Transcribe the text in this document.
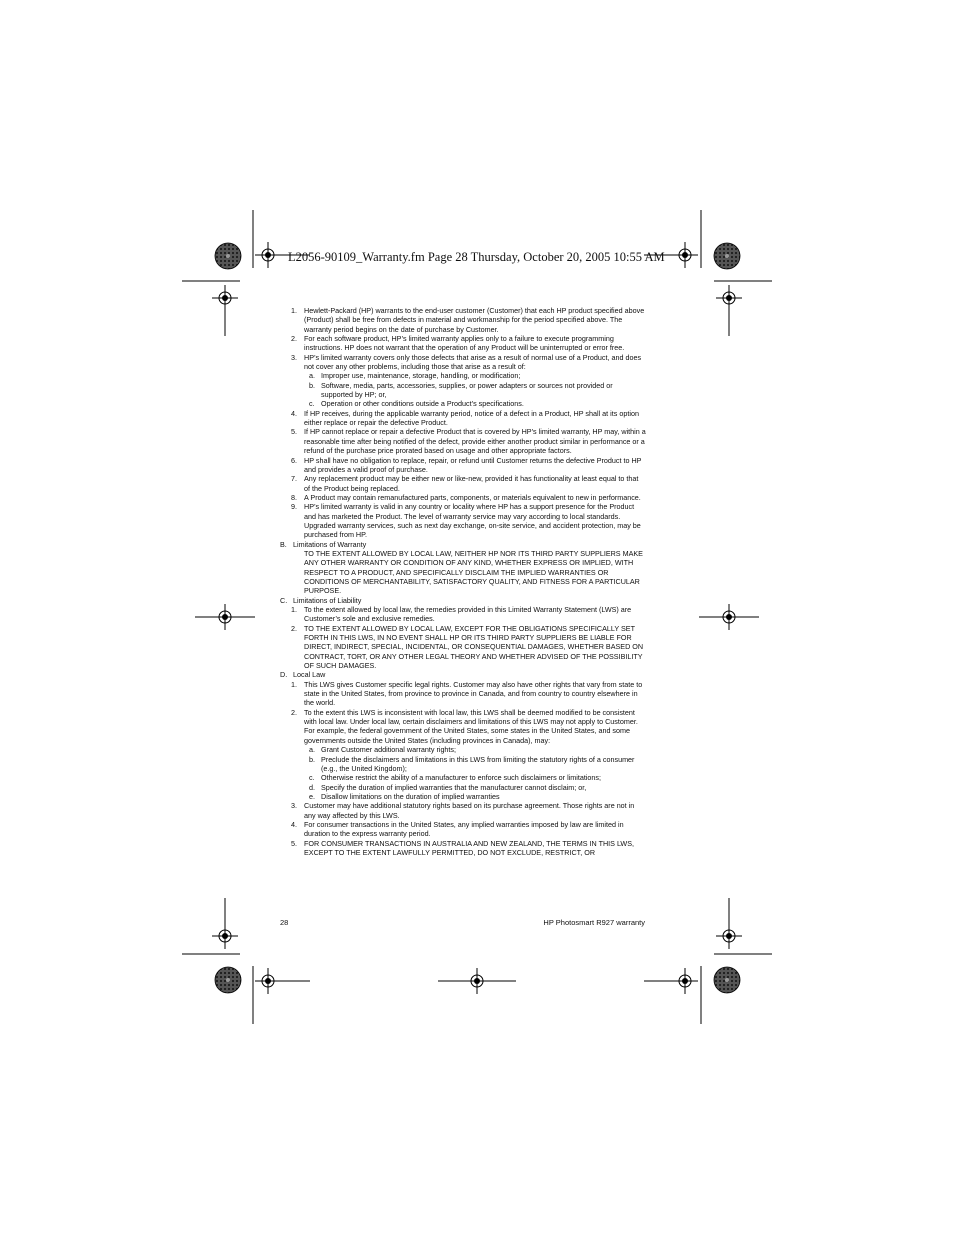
L2056-90109_Warranty.fm Page 28 Thursday, October 20, 2005 10:55 AM
1. Hewlett-Packard (HP) warrants to the end-user customer (Customer) that each HP product specified above (Product) shall be free from defects in material and workmanship for the period specified above. The warranty period begins on the date of purchase by Customer.
2. For each software product, HP’s limited warranty applies only to a failure to execute programming instructions. HP does not warrant that the operation of any Product will be uninterrupted or error free.
3. HP’s limited warranty covers only those defects that arise as a result of normal use of a Product, and does not cover any other problems, including those that arise as a result of:
a. Improper use, maintenance, storage, handling, or modification;
b. Software, media, parts, accessories, supplies, or power adapters or sources not provided or supported by HP; or,
c. Operation or other conditions outside a Product’s specifications.
4. If HP receives, during the applicable warranty period, notice of a defect in a Product, HP shall at its option either replace or repair the defective Product.
5. If HP cannot replace or repair a defective Product that is covered by HP’s limited warranty, HP may, within a reasonable time after being notified of the defect, provide either another product similar in performance or a refund of the purchase price prorated based on usage and other appropriate factors.
6. HP shall have no obligation to replace, repair, or refund until Customer returns the defective Product to HP and provides a valid proof of purchase.
7. Any replacement product may be either new or like-new, provided it has functionality at least equal to that of the Product being replaced.
8. A Product may contain remanufactured parts, components, or materials equivalent to new in performance.
9. HP’s limited warranty is valid in any country or locality where HP has a support presence for the Product and has marketed the Product. The level of warranty service may vary according to local standards. Upgraded warranty services, such as next day exchange, on-site service, and accident protection, may be purchased from HP.
B. Limitations of Warranty
TO THE EXTENT ALLOWED BY LOCAL LAW, NEITHER HP NOR ITS THIRD PARTY SUPPLIERS MAKE ANY OTHER WARRANTY OR CONDITION OF ANY KIND, WHETHER EXPRESS OR IMPLIED, WITH RESPECT TO A PRODUCT, AND SPECIFICALLY DISCLAIM THE IMPLIED WARRANTIES OR CONDITIONS OF MERCHANTABILITY, SATISFACTORY QUALITY, AND FITNESS FOR A PARTICULAR PURPOSE.
C. Limitations of Liability
1. To the extent allowed by local law, the remedies provided in this Limited Warranty Statement (LWS) are Customer’s sole and exclusive remedies.
2. TO THE EXTENT ALLOWED BY LOCAL LAW, EXCEPT FOR THE OBLIGATIONS SPECIFICALLY SET FORTH IN THIS LWS, IN NO EVENT SHALL HP OR ITS THIRD PARTY SUPPLIERS BE LIABLE FOR DIRECT, INDIRECT, SPECIAL, INCIDENTAL, OR CONSEQUENTIAL DAMAGES, WHETHER BASED ON CONTRACT, TORT, OR ANY OTHER LEGAL THEORY AND WHETHER ADVISED OF THE POSSIBILITY OF SUCH DAMAGES.
D. Local Law
1. This LWS gives Customer specific legal rights. Customer may also have other rights that vary from state to state in the United States, from province to province in Canada, and from country to country elsewhere in the world.
2. To the extent this LWS is inconsistent with local law, this LWS shall be deemed modified to be consistent with local law. Under local law, certain disclaimers and limitations of this LWS may not apply to Customer. For example, the federal government of the United States, some states in the United States, and some governments outside the United States (including provinces in Canada), may:
a. Grant Customer additional warranty rights;
b. Preclude the disclaimers and limitations in this LWS from limiting the statutory rights of a consumer (e.g., the United Kingdom);
c. Otherwise restrict the ability of a manufacturer to enforce such disclaimers or limitations;
d. Specify the duration of implied warranties that the manufacturer cannot disclaim; or,
e. Disallow limitations on the duration of implied warranties
3. Customer may have additional statutory rights based on its purchase agreement. Those rights are not in any way affected by this LWS.
4. For consumer transactions in the United States, any implied warranties imposed by law are limited in duration to the express warranty period.
5. FOR CONSUMER TRANSACTIONS IN AUSTRALIA AND NEW ZEALAND, THE TERMS IN THIS LWS, EXCEPT TO THE EXTENT LAWFULLY PERMITTED, DO NOT EXCLUDE, RESTRICT, OR
28	HP Photosmart R927 warranty
